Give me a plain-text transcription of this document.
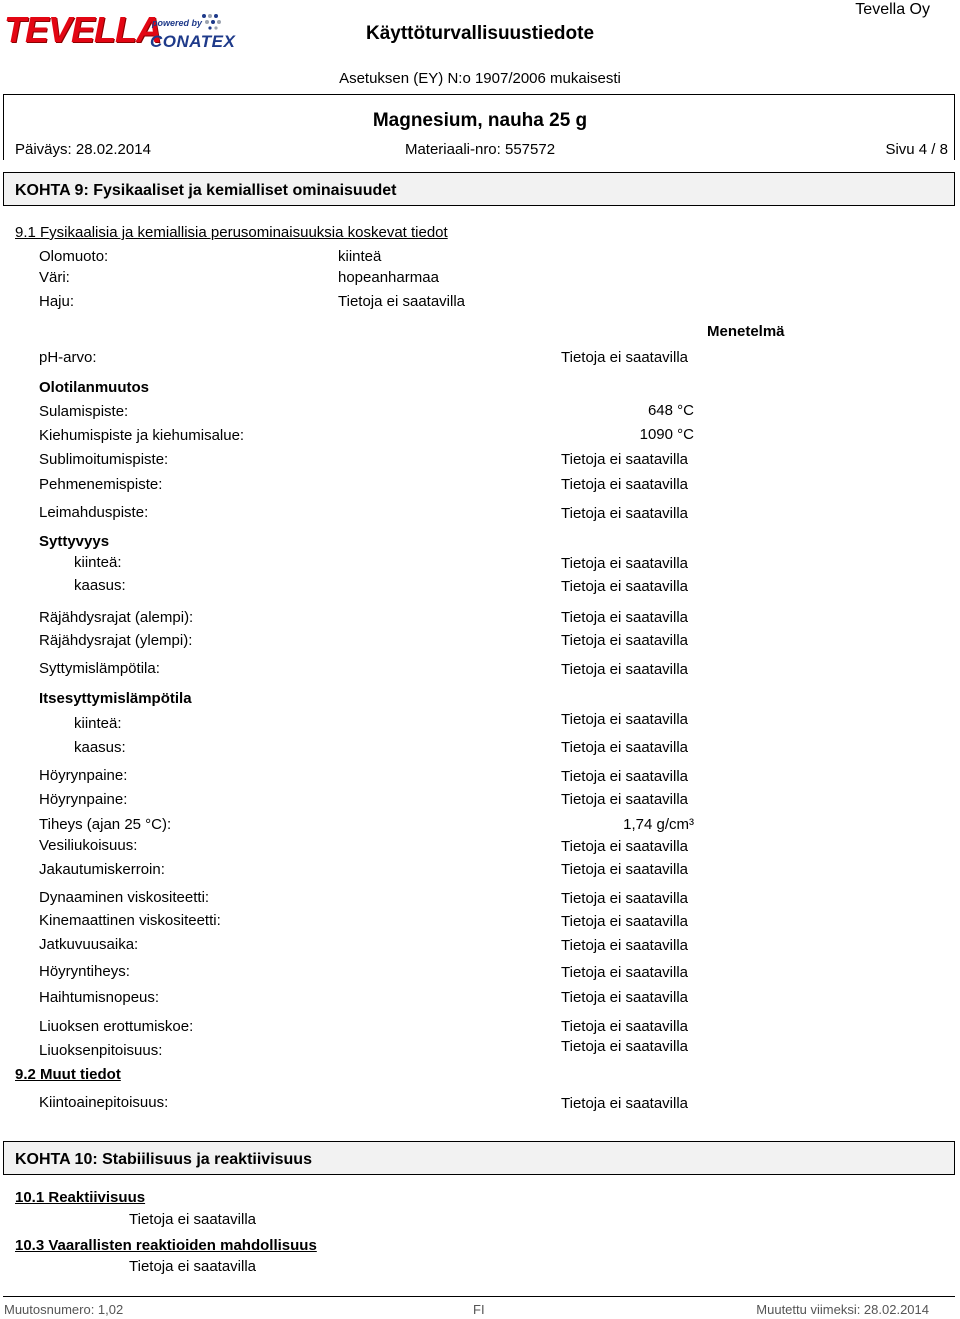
TEVELLA
powered by
CONATEX	Käyttöturvallisuustiedote
Tevella Oy
Asetuksen (EY) N:o 1907/2006 mukaisesti
Magnesium, nauha 25 g
Päiväys: 28.02.2014	Materiaali-nro: 557572	Sivu 4 / 8
KOHTA 9: Fysikaaliset ja kemialliset ominaisuudet
9.1 Fysikaalisia ja kemiallisia perusominaisuuksia koskevat tiedot
Olomuoto:	kiinteä
Väri:	hopeanharmaa
Haju:	Tietoja ei saatavilla
Menetelmä
pH-arvo:	Tietoja ei saatavilla
Olotilanmuutos
Sulamispiste:	648 °C
Kiehumispiste ja kiehumisalue:	1090 °C
Sublimoitumispiste:	Tietoja ei saatavilla
Pehmenemispiste:	Tietoja ei saatavilla
Leimahduspiste:	Tietoja ei saatavilla
Syttyvyys
kiinteä:	Tietoja ei saatavilla
kaasus:	Tietoja ei saatavilla
Räjähdysrajat (alempi):	Tietoja ei saatavilla
Räjähdysrajat (ylempi):	Tietoja ei saatavilla
Syttymislämpötila:	Tietoja ei saatavilla
Itsesyttymislämpötila
kiinteä:	Tietoja ei saatavilla
kaasus:	Tietoja ei saatavilla
Höyrynpaine:	Tietoja ei saatavilla
Höyrynpaine:	Tietoja ei saatavilla
Tiheys (ajan 25 °C):	1,74 g/cm³
Vesiliukoisuus:	Tietoja ei saatavilla
Jakautumiskerroin:	Tietoja ei saatavilla
Dynaaminen viskositeetti:	Tietoja ei saatavilla
Kinemaattinen viskositeetti:	Tietoja ei saatavilla
Jatkuvuusaika:	Tietoja ei saatavilla
Höyryntiheys:	Tietoja ei saatavilla
Haihtumisnopeus:	Tietoja ei saatavilla
Liuoksen erottumiskoe:	Tietoja ei saatavilla
Liuoksenpitoisuus:	Tietoja ei saatavilla
9.2 Muut tiedot
Kiintoainepitoisuus:	Tietoja ei saatavilla
KOHTA 10: Stabiilisuus ja reaktiivisuus
10.1 Reaktiivisuus
Tietoja ei saatavilla
10.3 Vaarallisten reaktioiden mahdollisuus
Tietoja ei saatavilla
Muutosnumero: 1,02	FI	Muutettu viimeksi: 28.02.2014
